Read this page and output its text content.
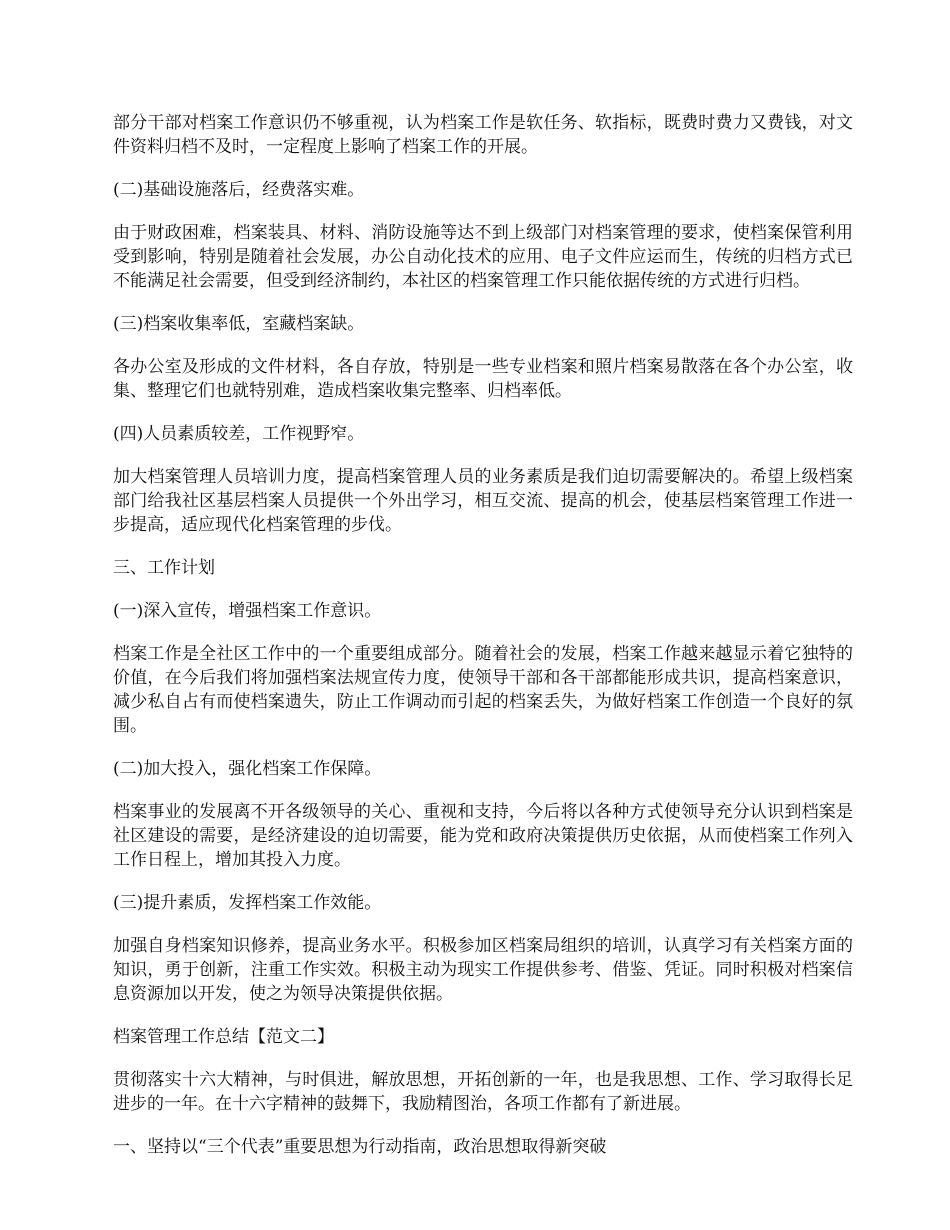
部分干部对档案工作意识仍不够重视，认为档案工作是软任务、软指标，既费时费力又费钱，对文件资料归档不及时，一定程度上影响了档案工作的开展。

(二)基础设施落后，经费落实难。

由于财政困难，档案装具、材料、消防设施等达不到上级部门对档案管理的要求，使档案保管利用受到影响，特别是随着社会发展，办公自动化技术的应用、电子文件应运而生，传统的归档方式已不能满足社会需要，但受到经济制约，本社区的档案管理工作只能依据传统的方式进行归档。

(三)档案收集率低，室藏档案缺。

各办公室及形成的文件材料，各自存放，特别是一些专业档案和照片档案易散落在各个办公室，收集、整理它们也就特别难，造成档案收集完整率、归档率低。

(四)人员素质较差，工作视野窄。

加大档案管理人员培训力度，提高档案管理人员的业务素质是我们迫切需要解决的。希望上级档案部门给我社区基层档案人员提供一个外出学习，相互交流、提高的机会，使基层档案管理工作进一步提高，适应现代化档案管理的步伐。

三、工作计划

(一)深入宣传，增强档案工作意识。

档案工作是全社区工作中的一个重要组成部分。随着社会的发展，档案工作越来越显示着它独特的价值，在今后我们将加强档案法规宣传力度，使领导干部和各干部都能形成共识，提高档案意识，减少私自占有而使档案遗失，防止工作调动而引起的档案丢失，为做好档案工作创造一个良好的氛围。

(二)加大投入，强化档案工作保障。

档案事业的发展离不开各级领导的关心、重视和支持，今后将以各种方式使领导充分认识到档案是社区建设的需要，是经济建设的迫切需要，能为党和政府决策提供历史依据，从而使档案工作列入工作日程上，增加其投入力度。

(三)提升素质，发挥档案工作效能。

加强自身档案知识修养，提高业务水平。积极参加区档案局组织的培训，认真学习有关档案方面的知识，勇于创新，注重工作实效。积极主动为现实工作提供参考、借鉴、凭证。同时积极对档案信息资源加以开发，使之为领导决策提供依据。

档案管理工作总结【范文二】

贯彻落实十六大精神，与时俱进，解放思想，开拓创新的一年，也是我思想、工作、学习取得长足进步的一年。在十六字精神的鼓舞下，我励精图治，各项工作都有了新进展。

一、坚持以“三个代表”重要思想为行动指南，政治思想取得新突破
